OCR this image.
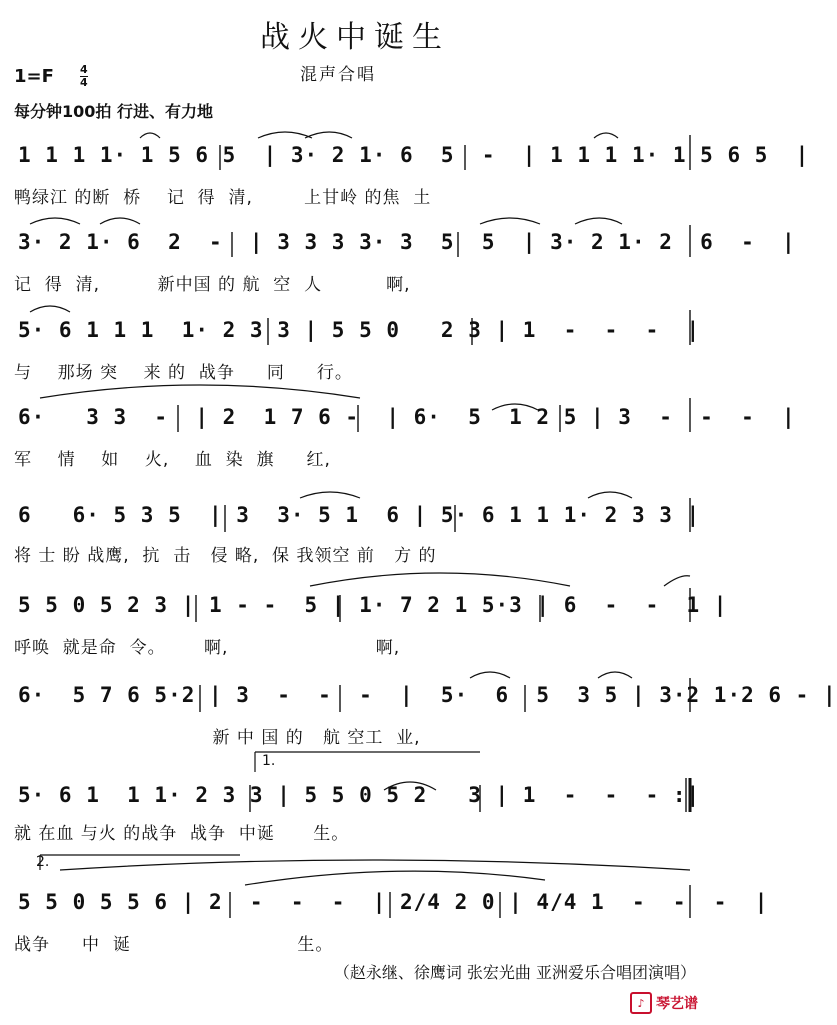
战火中诞生
混声合唱
1=F 4
4
每分钟100拍 行进、有力地
1 1 1 1· 1 5 6 5  | 3· 2 1· 6  5  -  | 1 1 1 1· 1 5 6 5  |
鸭绿江 的断  桥    记  得  清,        上甘岭 的焦  土
3· 2 1· 6  2  -  | 3 3 3 3· 3  5  5  | 3· 2 1· 2  6  -  |
记  得  清,         新中国 的 航  空  人          啊,
5· 6 1 1 1  1· 2 3 3 | 5 5 0   2 3 | 1  -  -  -  |
与    那场 突    来 的  战争     同     行。
6·   3 3  -  | 2  1 7 6 -  | 6·  5  1 2 5 | 3  -  -  -  |
军    情    如    火,    血  染  旗     红,
6   6· 5 3 5  | 3  3· 5 1  6 | 5· 6 1 1 1· 2 3 3 |
将 士 盼 战鹰,  抗  击   侵 略,  保 我领空 前   方 的
5 5 0 5 2 3 | 1 - -  5 | 1· 7 2 1 5·3 | 6  -  -  1 |
呼唤  就是命  令。      啊,                       啊,
6·  5 7 6 5·2 | 3  -  -  -  |  5·  6  5  3 5 | 3·2 1·2 6 - |
新 中 国 的   航 空工  业,
1.
5· 6 1  1 1· 2 3 3 | 5 5 0 5 2   3 | 1  -  -  - :|
就 在血 与火 的战争  战争  中诞      生。
2.
5 5 0 5 5 6 | 2  -  -  -  | 2/4 2 0 | 4/4 1  -  -  -  |
战争     中  诞                          生。
（赵永继、徐鹰词 张宏光曲 亚洲爱乐合唱团演唱）
♪ 琴艺谱
